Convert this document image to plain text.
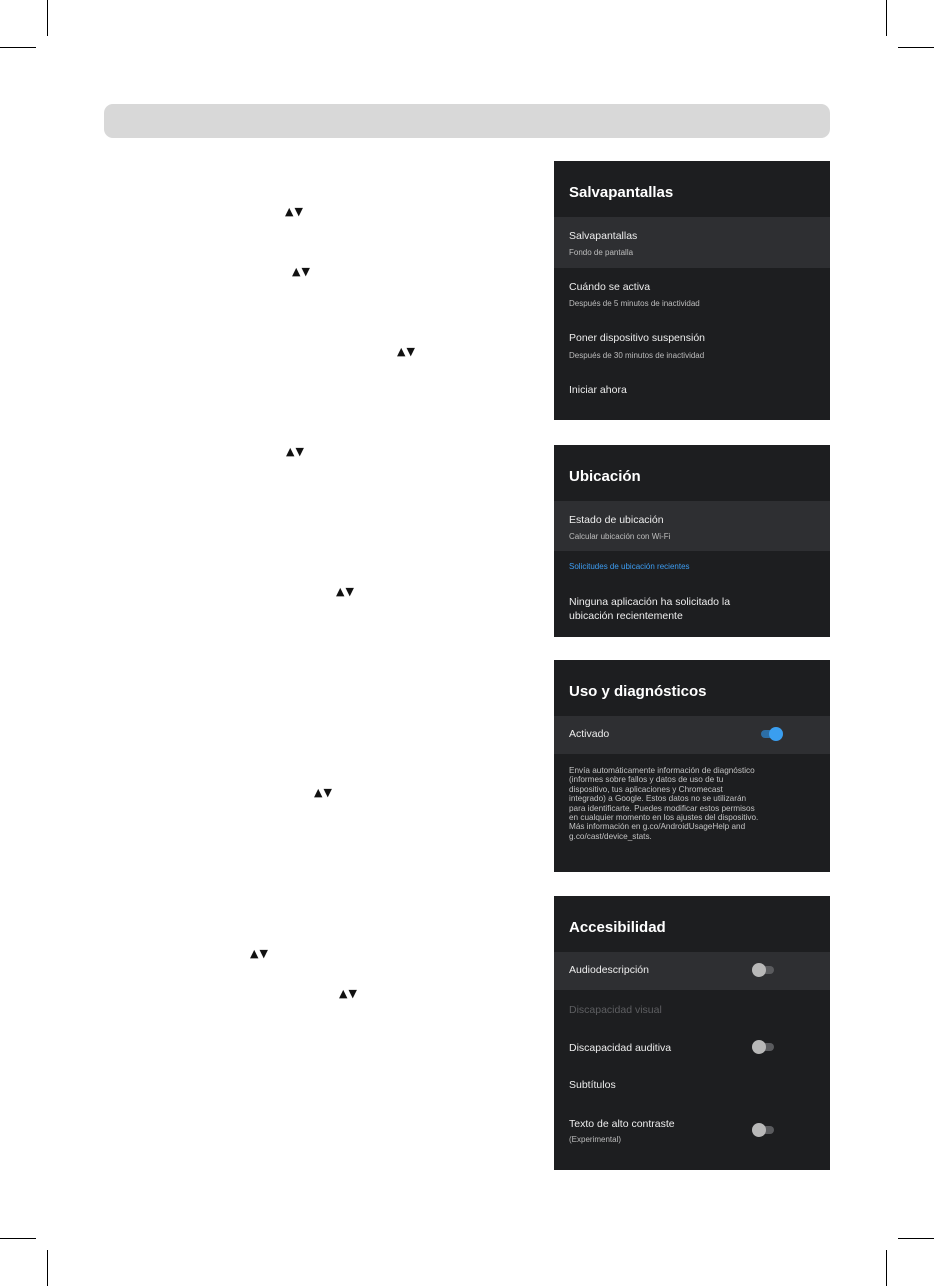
▲▼
▲▼
▲▼
▲▼
▲▼
▲▼
▲▼
▲▼
Salvapantallas
Salvapantallas
Fondo de pantalla
Cuándo se activa
Después de 5 minutos de inactividad
Poner dispositivo suspensión
Después de 30 minutos de inactividad
Iniciar ahora
Ubicación
Estado de ubicación
Calcular ubicación con Wi-Fi
Solicitudes de ubicación recientes
Ninguna aplicación ha solicitado la
ubicación recientemente
Uso y diagnósticos
Activado
Envía automáticamente información de diagnóstico
(informes sobre fallos y datos de uso de tu
dispositivo, tus aplicaciones y Chromecast
integrado) a Google. Estos datos no se utilizarán
para identificarte. Puedes modificar estos permisos
en cualquier momento en los ajustes del dispositivo.
Más información en g.co/AndroidUsageHelp and
g.co/cast/device_stats.
Accesibilidad
Audiodescripción
Discapacidad visual
Discapacidad auditiva
Subtítulos
Texto de alto contraste
(Experimental)
